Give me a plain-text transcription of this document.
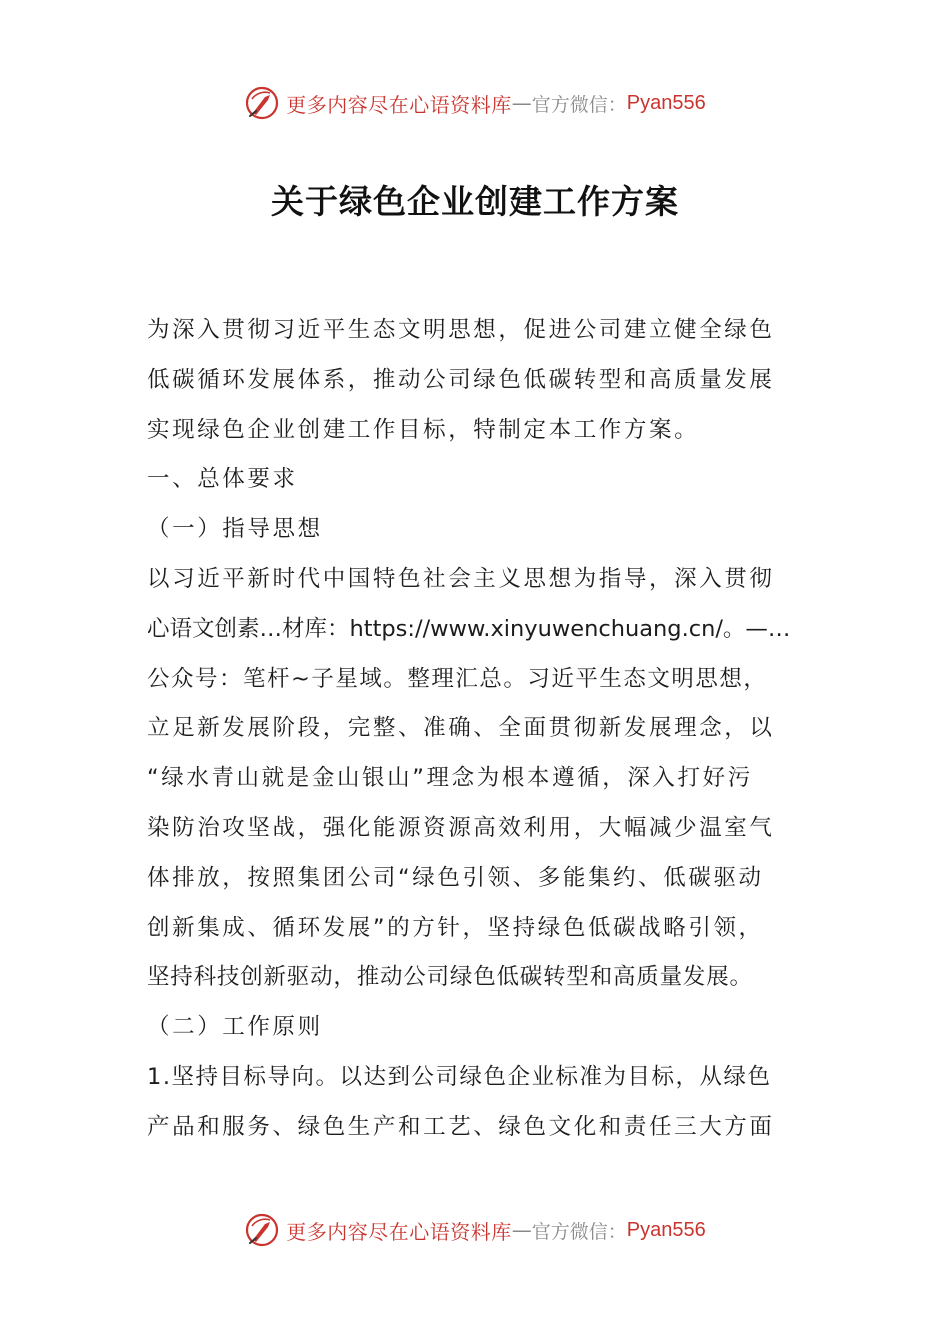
更多内容尽在心语资料库 — 官方微信： Pyan556
关于绿色企业创建工作方案
为深入贯彻习近平生态文明思想，促进公司建立健全绿色
低碳循环发展体系，推动公司绿色低碳转型和高质量发展
实现绿色企业创建工作目标，特制定本工作方案。
一、总体要求
（一）指导思想
以习近平新时代中国特色社会主义思想为指导，深入贯彻
心语文创素…材库：https://www.xinyuwenchuang.cn/。—…
公众号：笔杆~子星域。整理汇总。习近平生态文明思想，
立足新发展阶段，完整、准确、全面贯彻新发展理念，以
“绿水青山就是金山银山”理念为根本遵循，深入打好污
染防治攻坚战，强化能源资源高效利用，大幅减少温室气
体排放，按照集团公司“绿色引领、多能集约、低碳驱动
创新集成、循环发展”的方针，坚持绿色低碳战略引领，
坚持科技创新驱动，推动公司绿色低碳转型和高质量发展。
（二）工作原则
1.坚持目标导向。以达到公司绿色企业标准为目标，从绿色
产品和服务、绿色生产和工艺、绿色文化和责任三大方面
更多内容尽在心语资料库 — 官方微信： Pyan556
